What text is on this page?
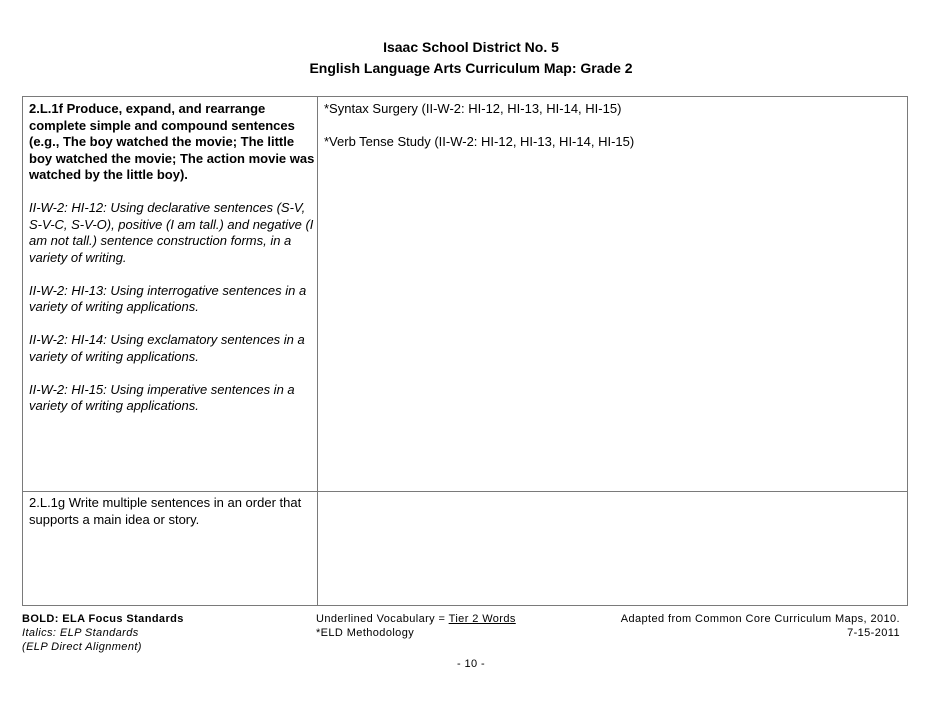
Isaac School District No. 5
English Language Arts Curriculum Map: Grade 2

2.L.1f Produce, expand, and rearrange complete simple and compound sentences (e.g., The boy watched the movie; The little boy watched the movie; The action movie was watched by the little boy).

II-W-2: HI-12: Using declarative sentences (S-V, S-V-C, S-V-O), positive (I am tall.) and negative (I am not tall.) sentence construction forms, in a variety of writing.

II-W-2: HI-13: Using interrogative sentences in a variety of writing applications.

II-W-2: HI-14: Using exclamatory sentences in a variety of writing applications.

II-W-2: HI-15: Using imperative sentences in a variety of writing applications.

*Syntax Surgery (II-W-2: HI-12, HI-13, HI-14, HI-15)

*Verb Tense Study (II-W-2: HI-12, HI-13, HI-14, HI-15)

2.L.1g Write multiple sentences in an order that supports a main idea or story.

BOLD: ELA Focus Standards
Italics: ELP Standards
(ELP Direct Alignment)
Underlined Vocabulary = Tier 2 Words
*ELD Methodology
Adapted from Common Core Curriculum Maps, 2010.
7-15-2011
- 10 -
